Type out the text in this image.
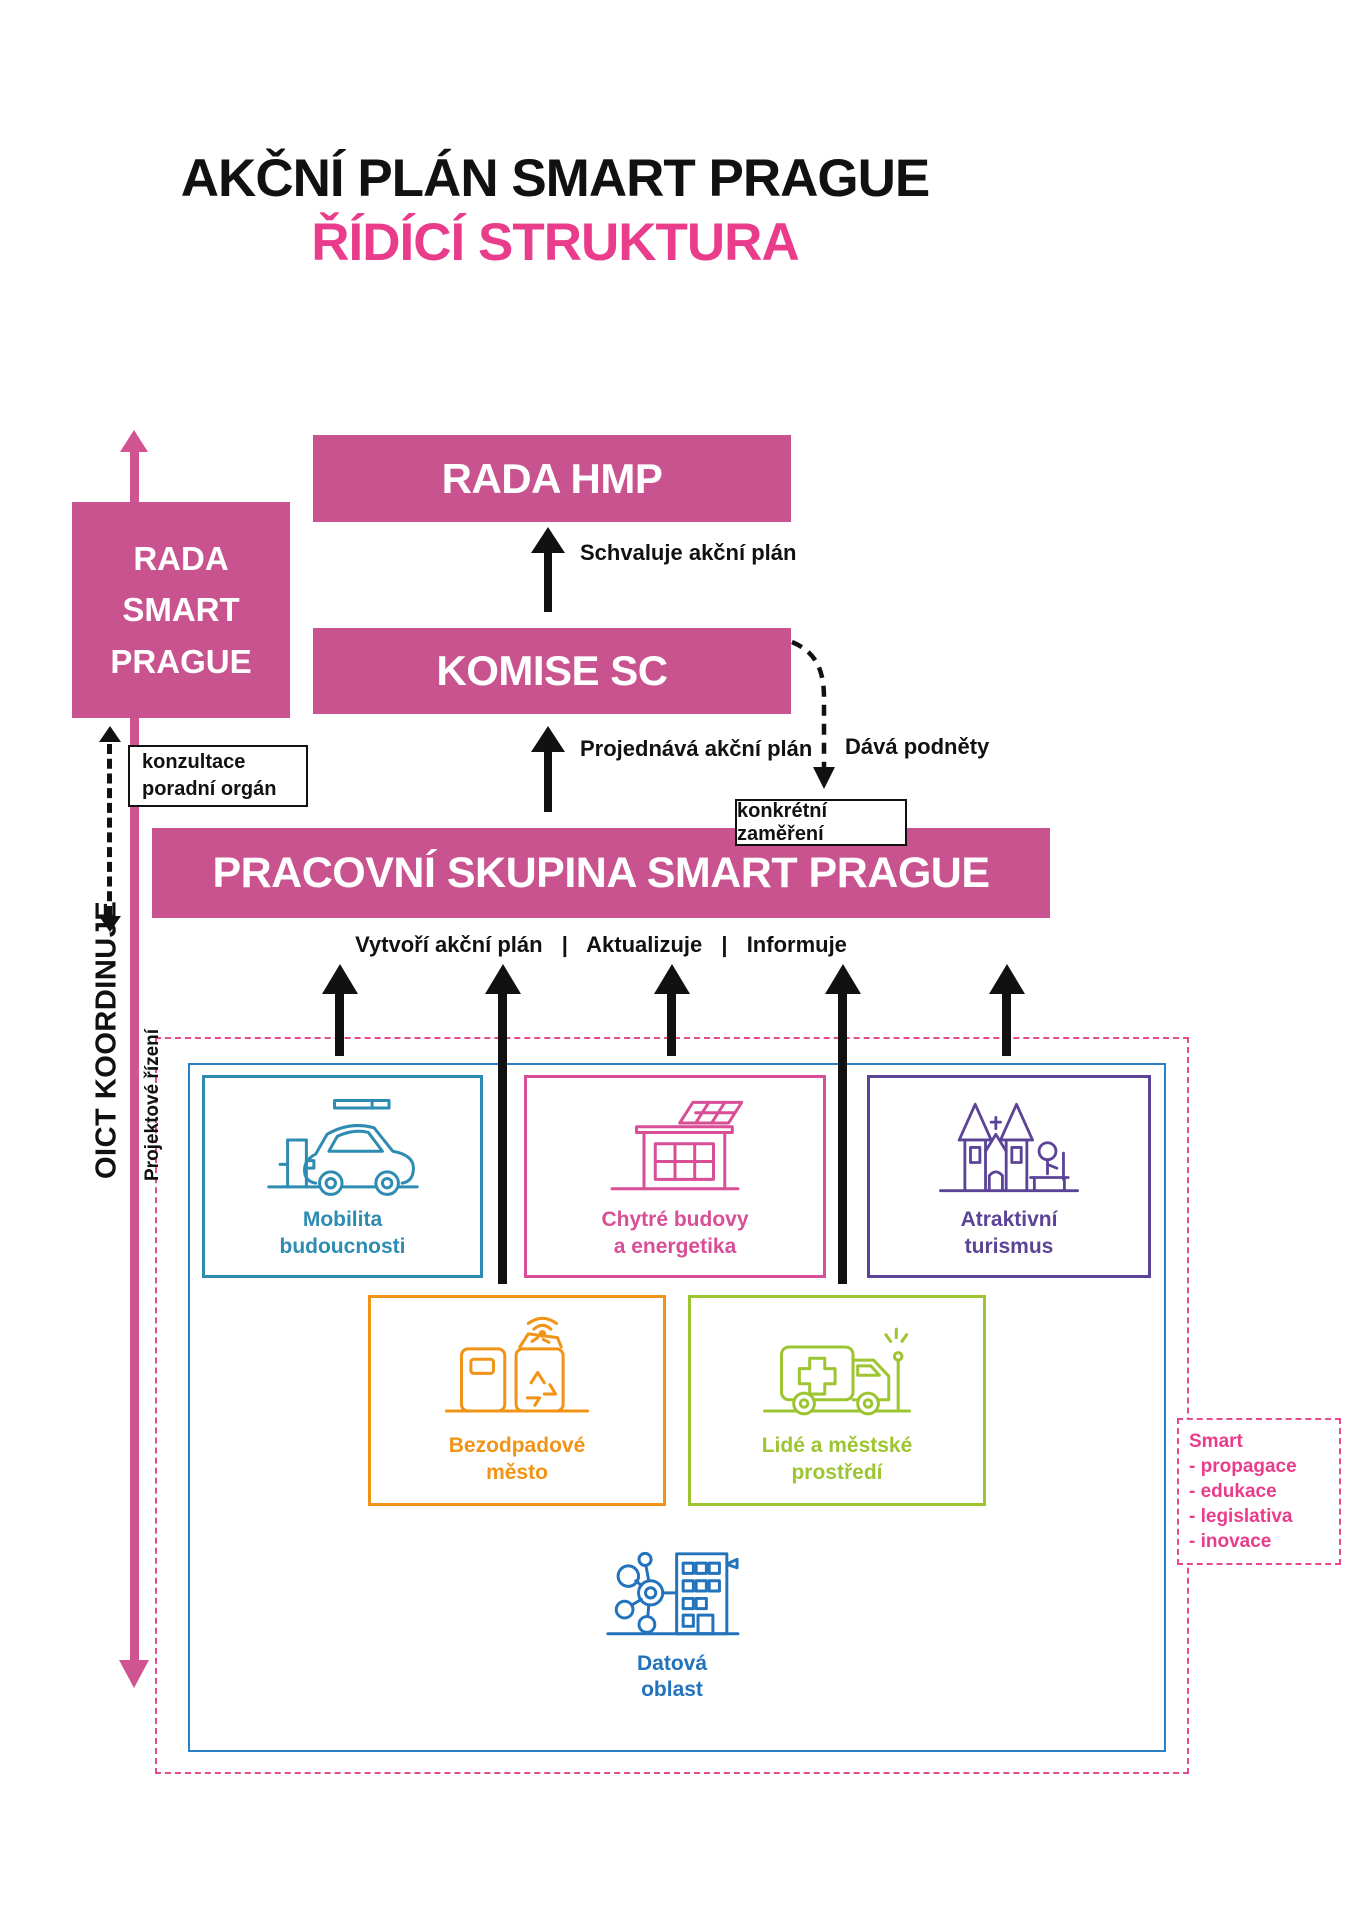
AKČNÍ PLÁN SMART PRAGUE
ŘÍDÍCÍ STRUKTURA
OICT KOORDINUJE	Projektové řízení
RADA HMP
KOMISE SC
PRACOVNÍ SKUPINA SMART PRAGUE
RADA
SMART
PRAGUE
konzultace
poradní orgán
Schvaluje akční plán
Projednává akční plán Dává podněty
konkrétní zaměření
Vytvoří akční plán | Aktualizuje | Informuje
Mobilita
budoucnosti
Chytré budovy
a energetika
Atraktivní
turismus
Bezodpadové
město
Lidé a městské
prostředí
Datová
oblast
Smart
- propagace
- edukace
- legislativa
- inovace
